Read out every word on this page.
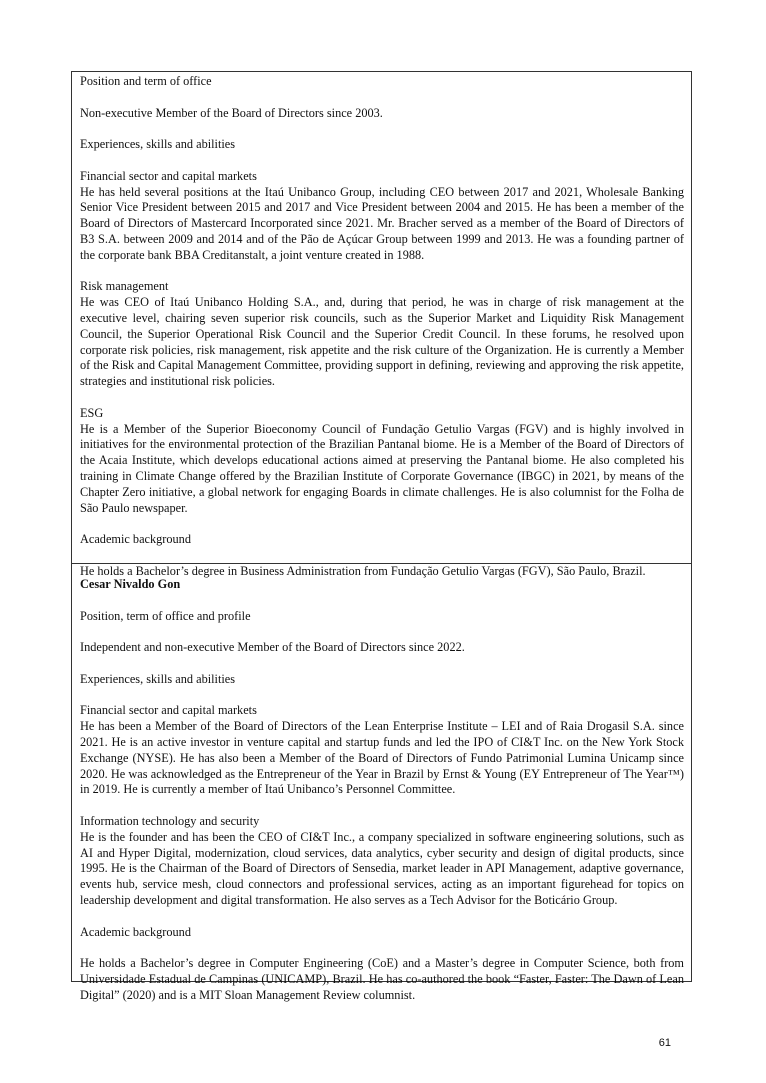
Position and term of office

Non-executive Member of the Board of Directors since 2003.

Experiences, skills and abilities

Financial sector and capital markets

He has held several positions at the Itaú Unibanco Group, including CEO between 2017 and 2021, Wholesale Banking Senior Vice President between 2015 and 2017 and Vice President between 2004 and 2015. He has been a member of the Board of Directors of Mastercard Incorporated since 2021. Mr. Bracher served as a member of the Board of Directors of B3 S.A. between 2009 and 2014 and of the Pão de Açúcar Group between 1999 and 2013. He was a founding partner of the corporate bank BBA Creditanstalt, a joint venture created in 1988.

Risk management

He was CEO of Itaú Unibanco Holding S.A., and, during that period, he was in charge of risk management at the executive level, chairing seven superior risk councils, such as the Superior Market and Liquidity Risk Management Council, the Superior Operational Risk Council and the Superior Credit Council. In these forums, he resolved upon corporate risk policies, risk management, risk appetite and the risk culture of the Organization. He is currently a Member of the Risk and Capital Management Committee, providing support in defining, reviewing and approving the risk appetite, strategies and institutional risk policies.

ESG

He is a Member of the Superior Bioeconomy Council of Fundação Getulio Vargas (FGV) and is highly involved in initiatives for the environmental protection of the Brazilian Pantanal biome. He is a Member of the Board of Directors of the Acaia Institute, which develops educational actions aimed at preserving the Pantanal biome. He also completed his training in Climate Change offered by the Brazilian Institute of Corporate Governance (IBGC) in 2021, by means of the Chapter Zero initiative, a global network for engaging Boards in climate challenges. He is also columnist for the Folha de São Paulo newspaper.

Academic background

He holds a Bachelor’s degree in Business Administration from Fundação Getulio Vargas (FGV), São Paulo, Brazil.

Cesar Nivaldo Gon

Position, term of office and profile

Independent and non-executive Member of the Board of Directors since 2022.

Experiences, skills and abilities

Financial sector and capital markets

He has been a Member of the Board of Directors of the Lean Enterprise Institute – LEI and of Raia Drogasil S.A. since 2021. He is an active investor in venture capital and startup funds and led the IPO of CI&T Inc. on the New York Stock Exchange (NYSE). He has also been a Member of the Board of Directors of Fundo Patrimonial Lumina Unicamp since 2020. He was acknowledged as the Entrepreneur of the Year in Brazil by Ernst & Young (EY Entrepreneur of The Year™) in 2019. He is currently a member of Itaú Unibanco’s Personnel Committee.

Information technology and security

He is the founder and has been the CEO of CI&T Inc., a company specialized in software engineering solutions, such as AI and Hyper Digital, modernization, cloud services, data analytics, cyber security and design of digital products, since 1995. He is the Chairman of the Board of Directors of Sensedia, market leader in API Management, adaptive governance, events hub, service mesh, cloud connectors and professional services, acting as an important figurehead for topics on leadership development and digital transformation. He also serves as a Tech Advisor for the Boticário Group.

Academic background

He holds a Bachelor’s degree in Computer Engineering (CoE) and a Master’s degree in Computer Science, both from Universidade Estadual de Campinas (UNICAMP), Brazil. He has co-authored the book “Faster, Faster: The Dawn of Lean Digital” (2020) and is a MIT Sloan Management Review columnist.

61
